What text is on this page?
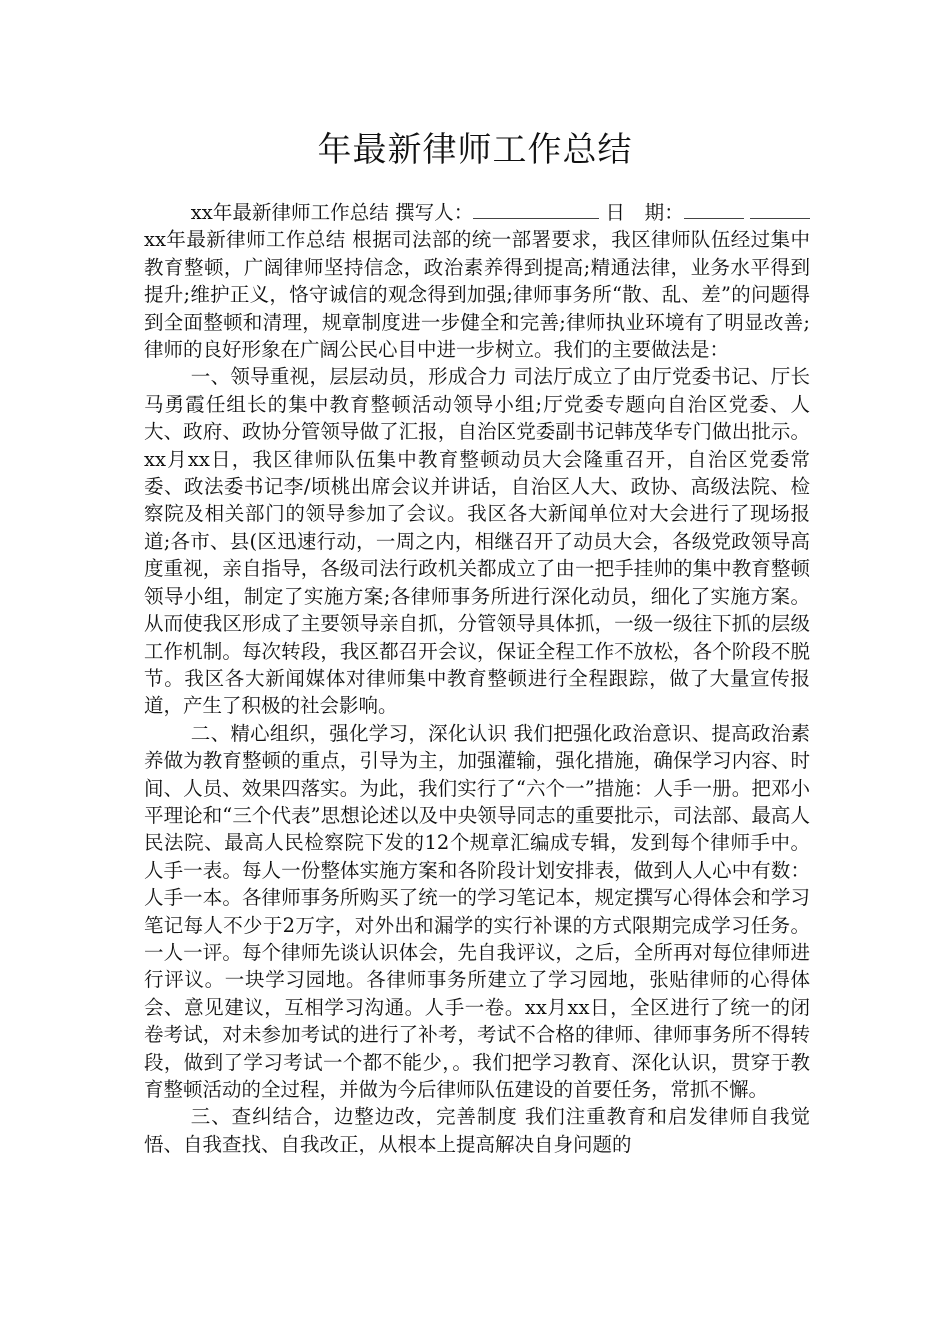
年最新律师工作总结

xx年最新律师工作总结 撰写人：	日　期： 　xx年最新律师工作总结 根据司法部的统一部署要求，我区律师队伍经过集中教育整顿，广阔律师坚持信念，政治素养得到提高;精通法律，业务水平得到提升;维护正义，恪守诚信的观念得到加强;律师事务所“散、乱、差”的问题得到全面整顿和清理，规章制度进一步健全和完善;律师执业环境有了明显改善;律师的良好形象在广阔公民心目中进一步树立。我们的主要做法是：

一、领导重视，层层动员，形成合力 司法厅成立了由厅党委书记、厅长马勇霞任组长的集中教育整顿活动领导小组;厅党委专题向自治区党委、人大、政府、政协分管领导做了汇报，自治区党委副书记韩茂华专门做出批示。xx月xx日，我区律师队伍集中教育整顿动员大会隆重召开，自治区党委常委、政法委书记李/顷桃出席会议并讲话，自治区人大、政协、高级法院、检察院及相关部门的领导参加了会议。我区各大新闻单位对大会进行了现场报道;各市、县(区迅速行动，一周之内，相继召开了动员大会，各级党政领导高度重视，亲自指导，各级司法行政机关都成立了由一把手挂帅的集中教育整顿领导小组，制定了实施方案;各律师事务所进行深化动员，细化了实施方案。从而使我区形成了主要领导亲自抓，分管领导具体抓，一级一级往下抓的层级工作机制。每次转段，我区都召开会议，保证全程工作不放松，各个阶段不脱节。我区各大新闻媒体对律师集中教育整顿进行全程跟踪，做了大量宣传报道，产生了积极的社会影响。

二、精心组织，强化学习，深化认识 我们把强化政治意识、提高政治素养做为教育整顿的重点，引导为主，加强灌输，强化措施，确保学习内容、时间、人员、效果四落实。为此，我们实行了“六个一”措施：人手一册。把邓小平理论和“三个代表”思想论述以及中央领导同志的重要批示，司法部、最高人民法院、最高人民检察院下发的12个规章汇编成专辑，发到每个律师手中。人手一表。每人一份整体实施方案和各阶段计划安排表，做到人人心中有数：人手一本。各律师事务所购买了统一的学习笔记本，规定撰写心得体会和学习笔记每人不少于2万字，对外出和漏学的实行补课的方式限期完成学习任务。一人一评。每个律师先谈认识体会，先自我评议，之后，全所再对每位律师进行评议。一块学习园地。各律师事务所建立了学习园地，张贴律师的心得体会、意见建议，互相学习沟通。人手一卷。xx月xx日，全区进行了统一的闭卷考试，对未参加考试的进行了补考，考试不合格的律师、律师事务所不得转段，做到了学习考试一个都不能少，。我们把学习教育、深化认识，贯穿于教育整顿活动的全过程，并做为今后律师队伍建设的首要任务，常抓不懈。

三、查纠结合，边整边改，完善制度 我们注重教育和启发律师自我觉悟、自我查找、自我改正，从根本上提高解决自身问题的
